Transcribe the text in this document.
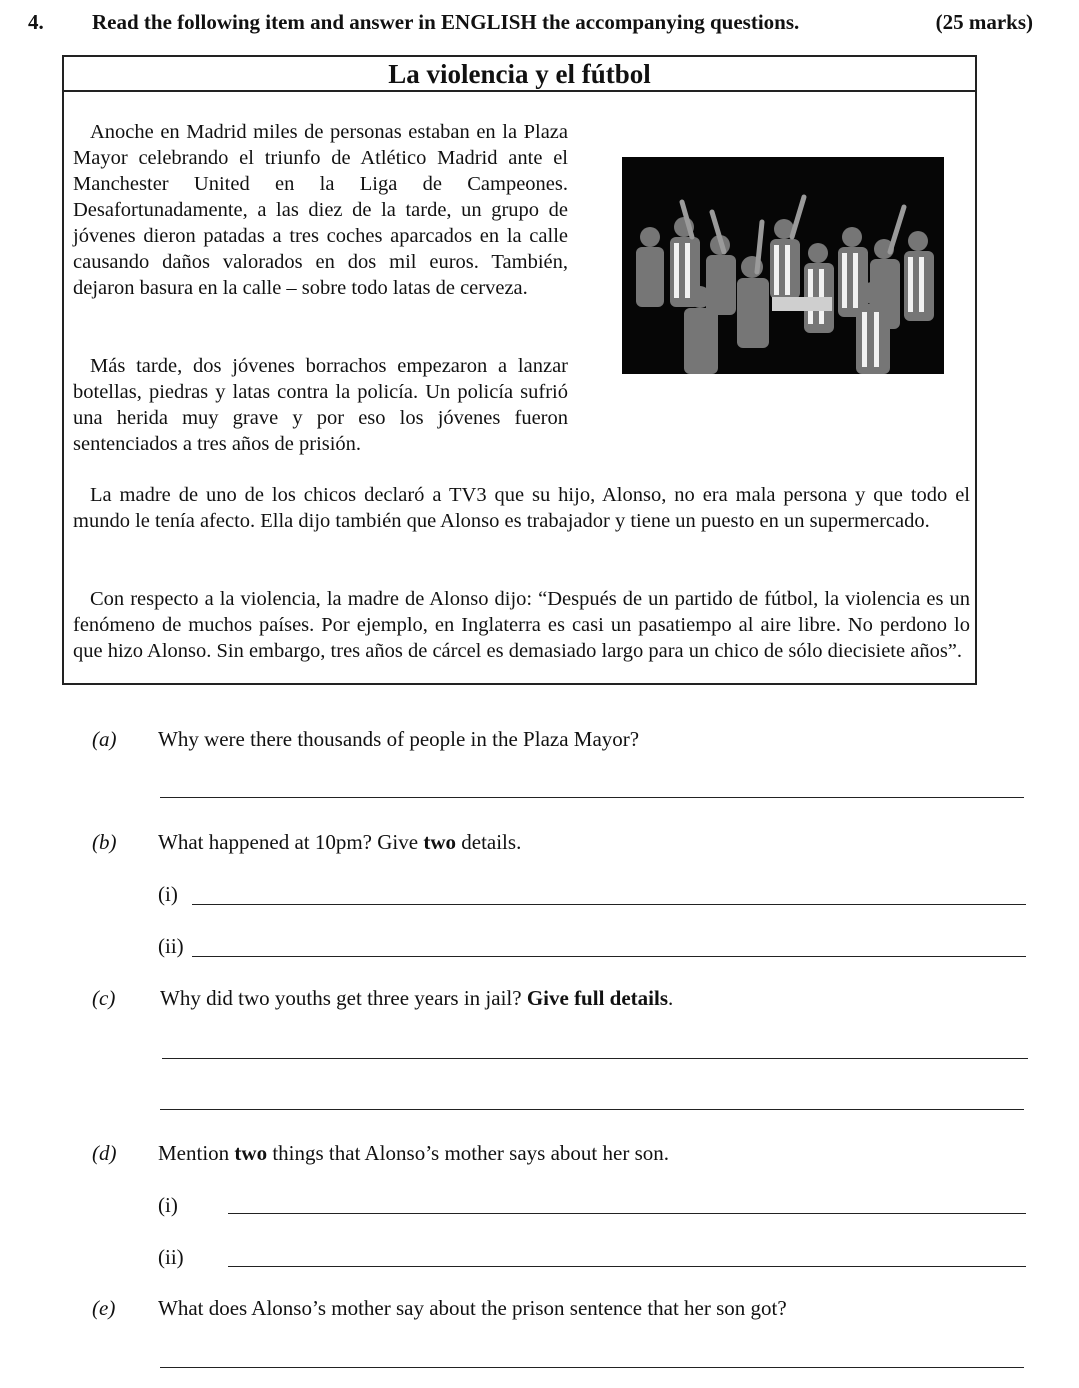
4. Read the following item and answer in ENGLISH the accompanying questions.	(25 marks)
La violencia y el fútbol

Anoche en Madrid miles de personas estaban en la Plaza Mayor celebrando el triunfo de Atlético Madrid ante el Manchester United en la Liga de Campeones. Desafortunadamente, a las diez de la tarde, un grupo de jóvenes dieron patadas a tres coches aparcados en la calle causando daños valorados en dos mil euros. También, dejaron basura en la calle – sobre todo latas de cerveza.

Más tarde, dos jóvenes borrachos empezaron a lanzar botellas, piedras y latas contra la policía. Un policía sufrió una herida muy grave y por eso los jóvenes fueron sentenciados a tres años de prisión.

La madre de uno de los chicos declaró a TV3 que su hijo, Alonso, no era mala persona y que todo el mundo le tenía afecto. Ella dijo también que Alonso es trabajador y tiene un puesto en un supermercado.

Con respecto a la violencia, la madre de Alonso dijo: “Después de un partido de fútbol, la violencia es un fenómeno de muchos países. Por ejemplo, en Inglaterra es casi un pasatiempo al aire libre. No perdono lo que hizo Alonso. Sin embargo, tres años de cárcel es demasiado largo para un chico de sólo diecisiete años”.

(a) Why were there thousands of people in the Plaza Mayor?
(b) What happened at 10pm? Give two details.
(i)
(ii)
(c) Why did two youths get three years in jail? Give full details.
(d) Mention two things that Alonso’s mother says about her son.
(i)
(ii)
(e) What does Alonso’s mother say about the prison sentence that her son got?
